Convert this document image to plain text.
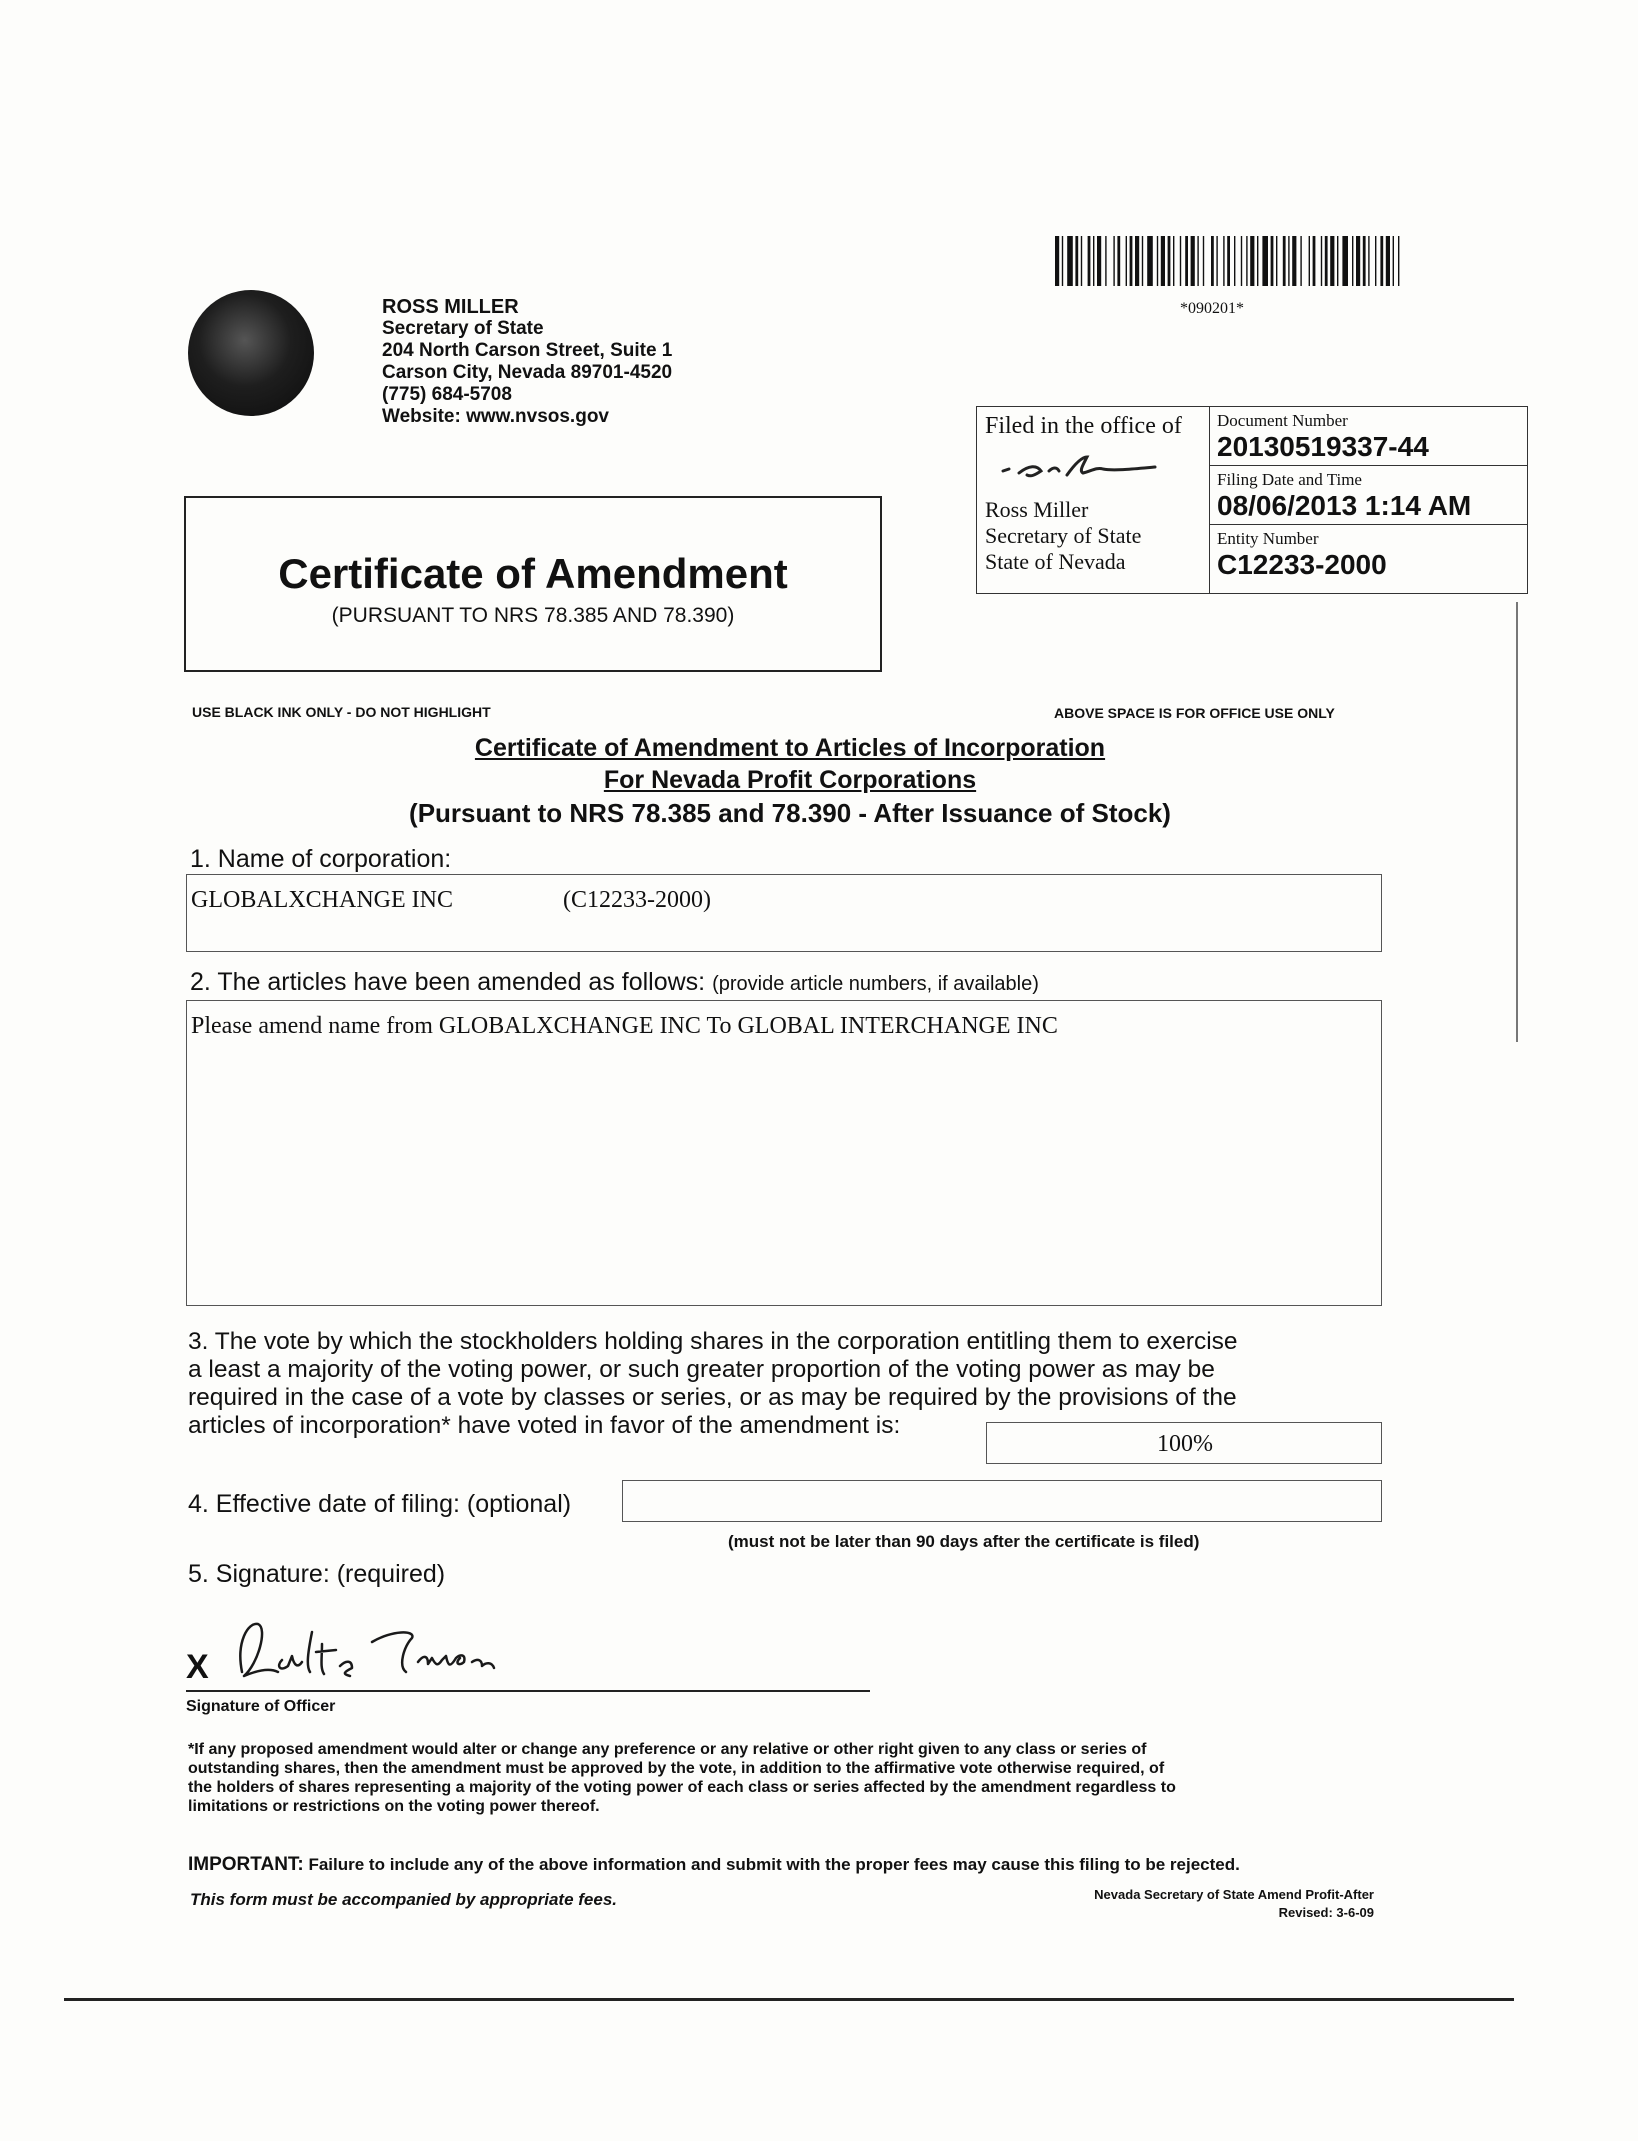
ROSS MILLER
Secretary of State
204 North Carson Street, Suite 1
Carson City, Nevada 89701-4520
(775) 684-5708
Website: www.nvsos.gov
*090201*
Filed in the office of
Ross Miller
Secretary of State
State of Nevada
Document Number
20130519337-44
Filing Date and Time
08/06/2013 1:14 AM
Entity Number
C12233-2000
Certificate of Amendment
(PURSUANT TO NRS 78.385 AND 78.390)
USE BLACK INK ONLY - DO NOT HIGHLIGHT	ABOVE SPACE IS FOR OFFICE USE ONLY
Certificate of Amendment to Articles of Incorporation
For Nevada Profit Corporations
(Pursuant to NRS 78.385 and 78.390 - After Issuance of Stock)
1. Name of corporation:
GLOBALXCHANGE INC	(C12233-2000)
2. The articles have been amended as follows: (provide article numbers, if available)
Please amend name from GLOBALXCHANGE INC To GLOBAL INTERCHANGE INC
3. The vote by which the stockholders holding shares in the corporation entitling them to exercise
a least a majority of the voting power, or such greater proportion of the voting power as may be
required in the case of a vote by classes or series, or as may be required by the provisions of the
articles of incorporation* have voted in favor of the amendment is:
100%
4. Effective date of filing: (optional)
(must not be later than 90 days after the certificate is filed)
5. Signature: (required)
X
Signature of Officer
*If any proposed amendment would alter or change any preference or any relative or other right given to any class or series of
outstanding shares, then the amendment must be approved by the vote, in addition to the affirmative vote otherwise required, of
the holders of shares representing a majority of the voting power of each class or series affected by the amendment regardless to
limitations or restrictions on the voting power thereof.
IMPORTANT: Failure to include any of the above information and submit with the proper fees may cause this filing to be rejected.
This form must be accompanied by appropriate fees.	Nevada Secretary of State Amend Profit-After
Revised: 3-6-09
